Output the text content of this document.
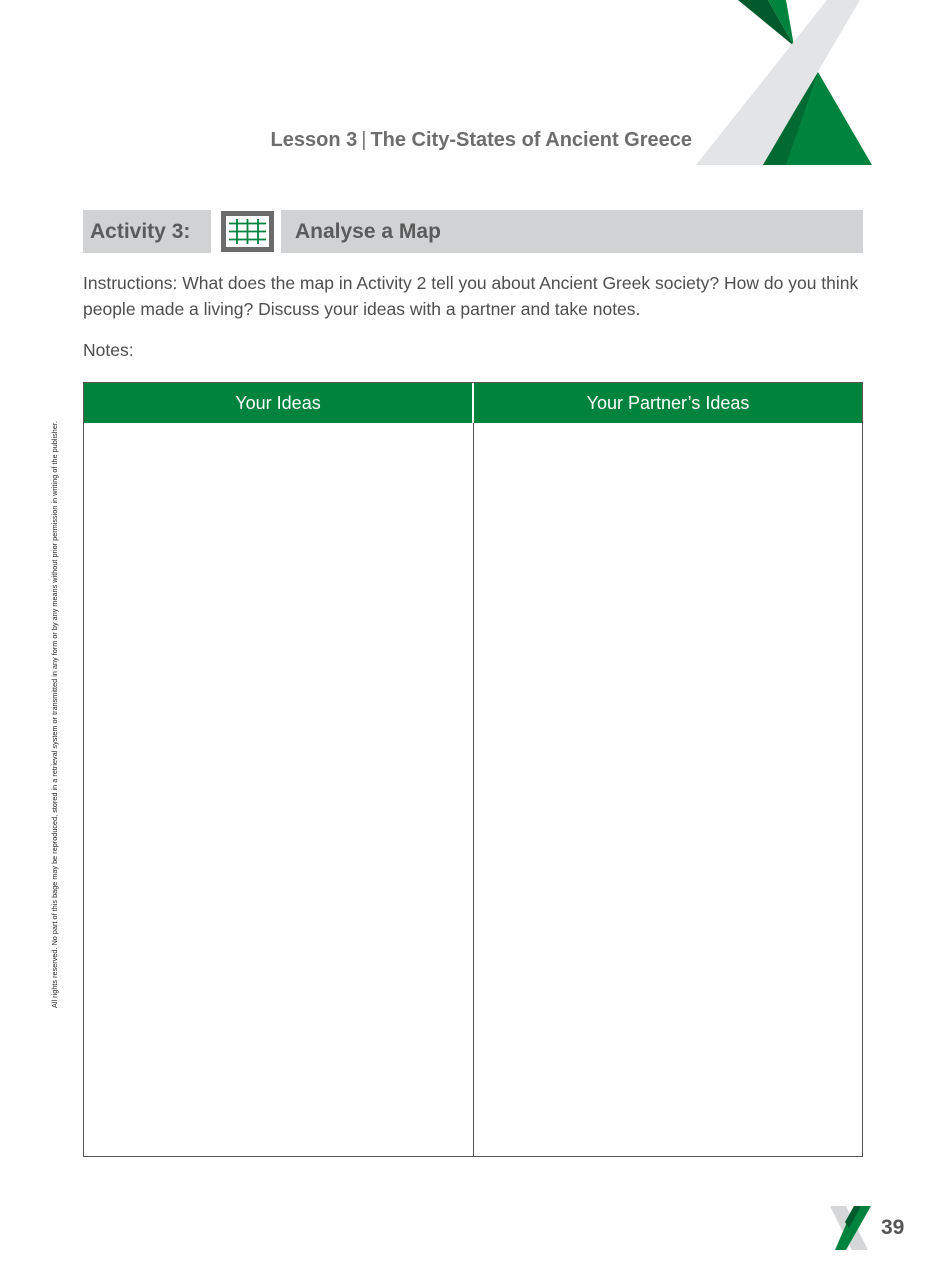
Lesson 3 | The City-States of Ancient Greece
All rights reserved. No part of this bage may be reproduced, stored in a retrieval system or transmitted in any form or by any means without prior permission in writing of the publisher.
Activity 3:	Analyse a Map

Instructions: What does the map in Activity 2 tell you about Ancient Greek society? How do you think people made a living? Discuss your ideas with a partner and take notes.

Notes:
Your Ideas	Your Partner’s Ideas
39
